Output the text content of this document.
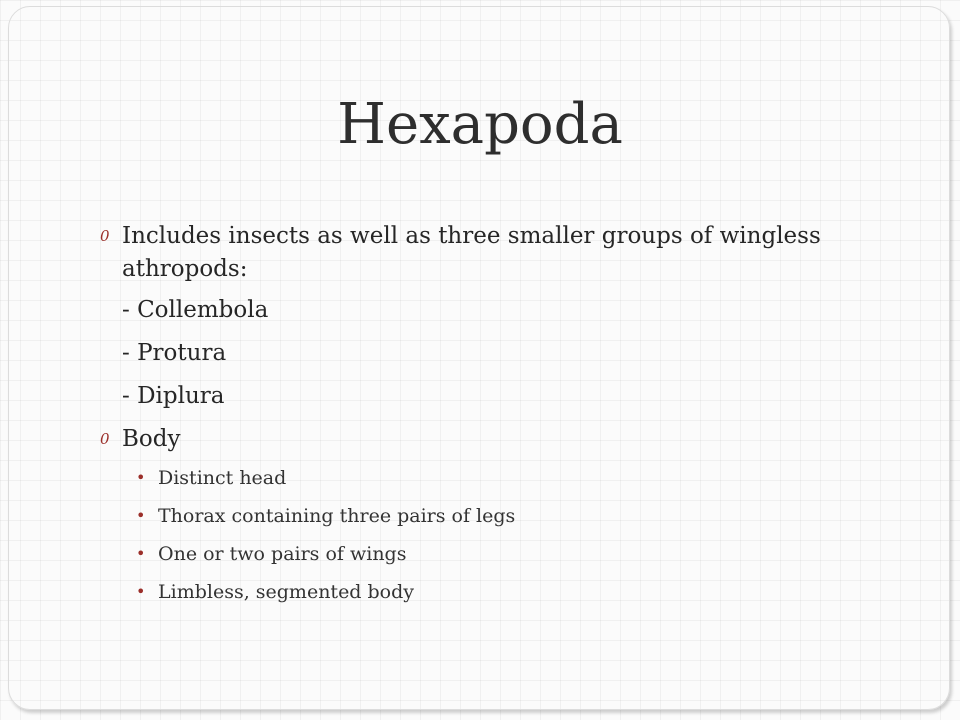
Hexapoda
0 Includes insects as well as three smaller groups of wingless athropods:
- Collembola
- Protura
- Diplura
0 Body
• Distinct head
• Thorax containing three pairs of legs
• One or two pairs of wings
• Limbless, segmented body
